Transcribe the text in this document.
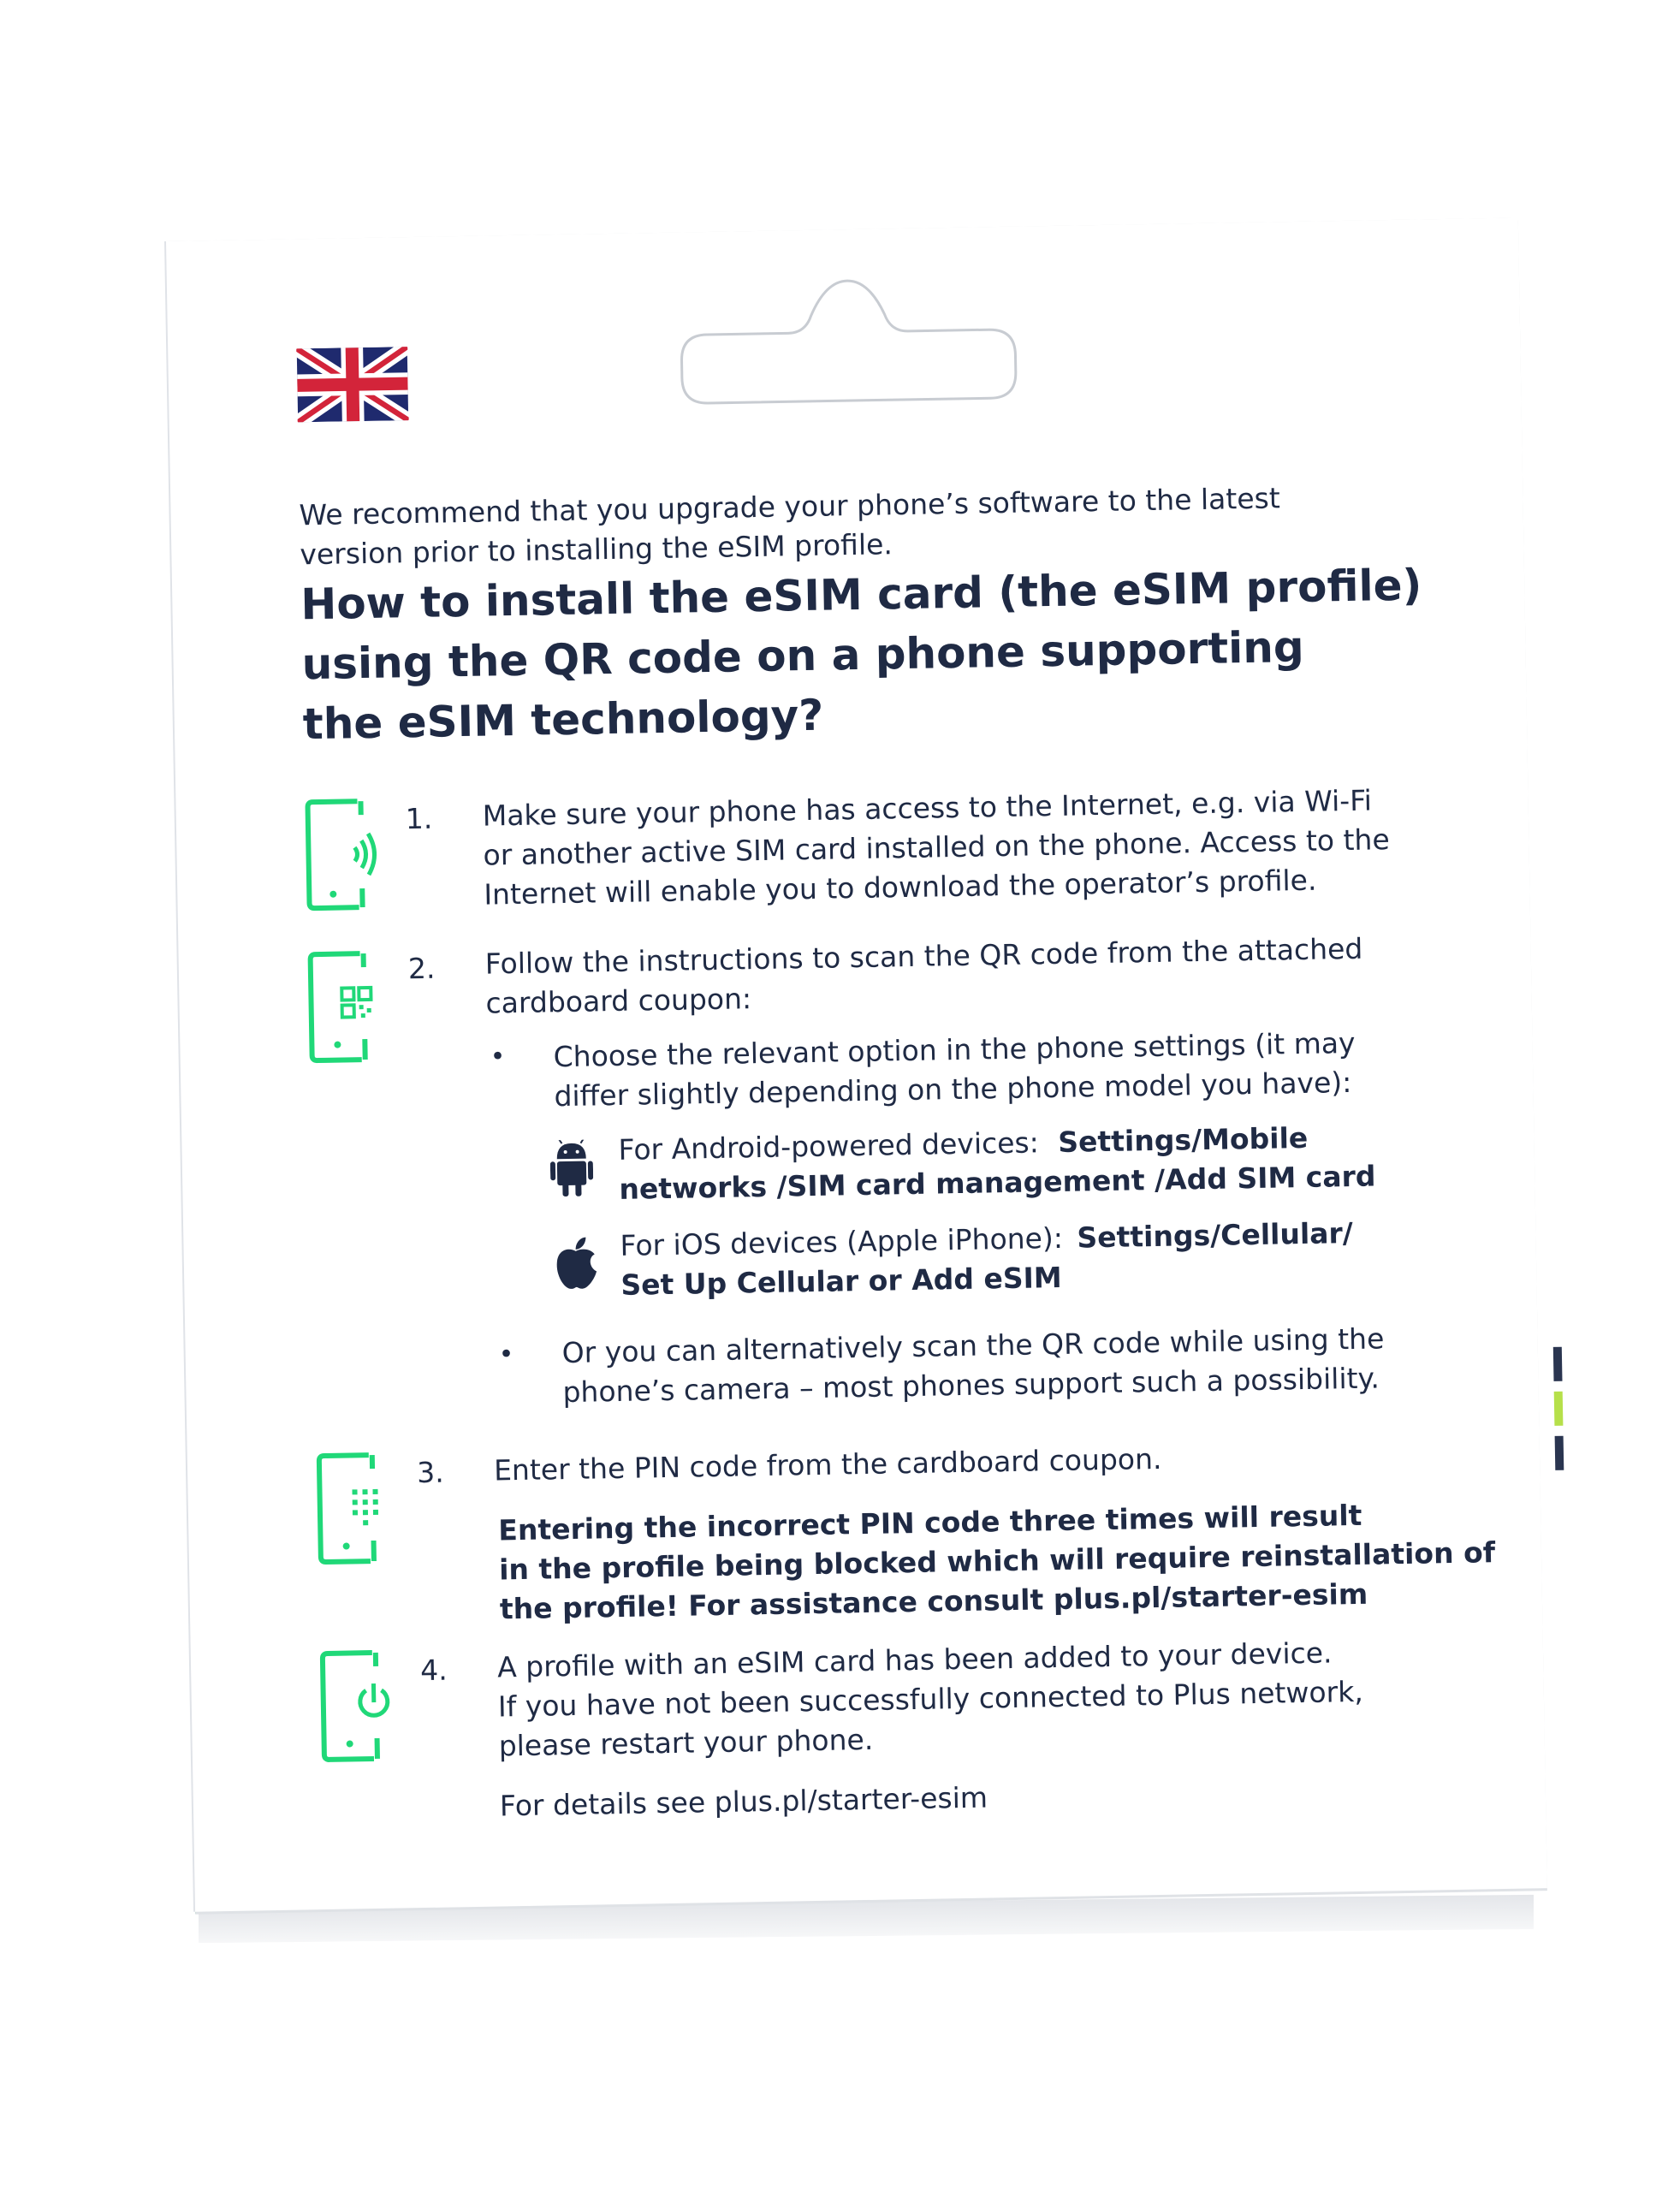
We recommend that you upgrade your phone’s software to the latest
version prior to installing the eSIM profile.
How to install the eSIM card (the eSIM profile)
using the QR code on a phone supporting
the eSIM technology?
1. Make sure your phone has access to the Internet, e.g. via Wi-Fi
or another active SIM card installed on the phone. Access to the
Internet will enable you to download the operator’s profile.
2. Follow the instructions to scan the QR code from the attached
cardboard coupon:
• Choose the relevant option in the phone settings (it may
differ slightly depending on the phone model you have):
For Android-powered devices: Settings/Mobile
networks /SIM card management /Add SIM card
For iOS devices (Apple iPhone): Settings/Cellular/
Set Up Cellular or Add eSIM
• Or you can alternatively scan the QR code while using the
phone’s camera – most phones support such a possibility.
3. Enter the PIN code from the cardboard coupon.
Entering the incorrect PIN code three times will result
in the profile being blocked which will require reinstallation of
the profile! For assistance consult plus.pl/starter-esim
4. A profile with an eSIM card has been added to your device.
If you have not been successfully connected to Plus network,
please restart your phone.
For details see plus.pl/starter-esim
